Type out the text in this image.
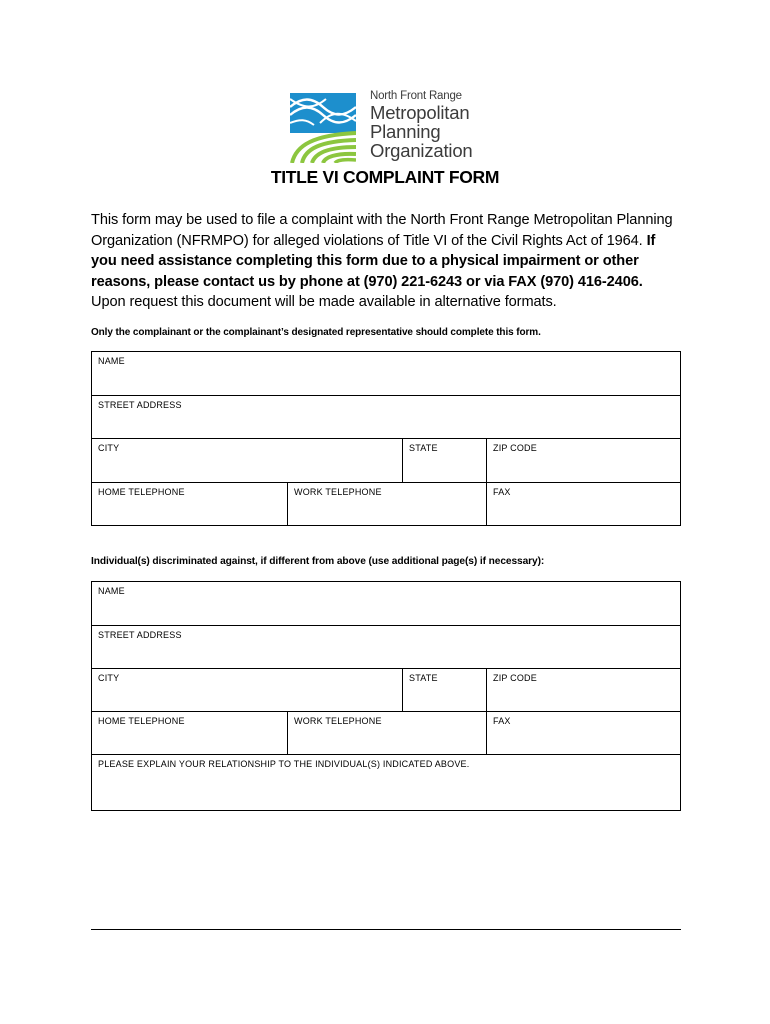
North Front Range
Metropolitan
Planning
Organization
TITLE VI COMPLAINT FORM
This form may be used to file a complaint with the North Front Range Metropolitan Planning Organization (NFRMPO) for alleged violations of Title VI of the Civil Rights Act of 1964. If you need assistance completing this form due to a physical impairment or other reasons, please contact us by phone at (970) 221-6243 or via FAX (970) 416-2406. Upon request this document will be made available in alternative formats.
Only the complainant or the complainant’s designated representative should complete this form.
NAME			
STREET ADDRESS			
CITY		STATE	ZIP CODE
HOME TELEPHONE	WORK TELEPHONE		FAX
Individual(s) discriminated against, if different from above (use additional page(s) if necessary):
NAME			
STREET ADDRESS			
CITY		STATE	ZIP CODE
HOME TELEPHONE	WORK TELEPHONE		FAX
PLEASE EXPLAIN YOUR RELATIONSHIP TO THE INDIVIDUAL(S) INDICATED ABOVE.			
